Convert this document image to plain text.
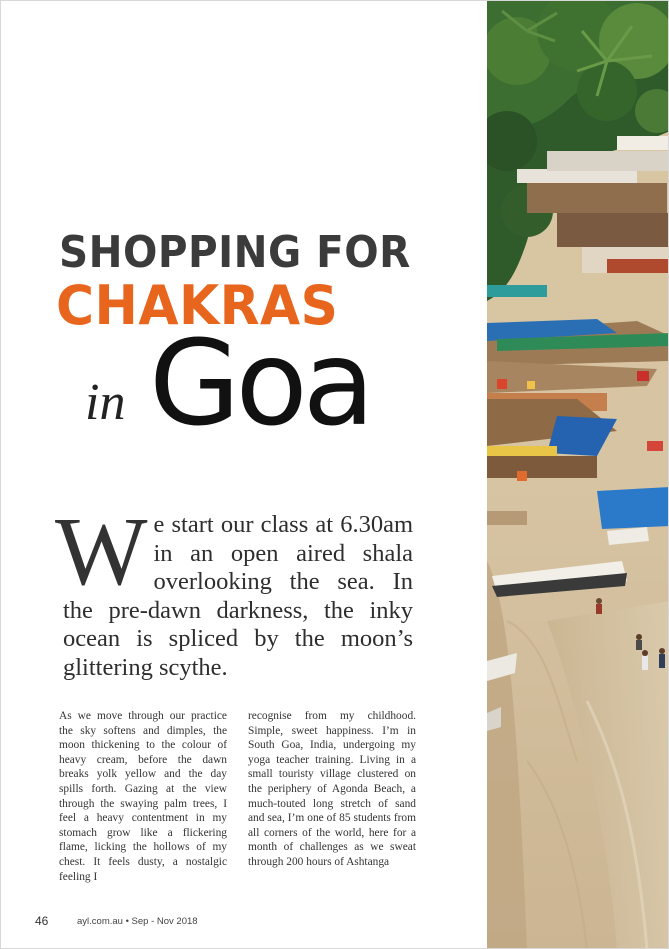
SHOPPING FOR
CHAKRAS
Goa
in
We start our class at 6.30am in an open aired shala overlooking the sea. In the pre-dawn darkness, the inky ocean is spliced by the moon’s glittering scythe.
As we move through our practice the sky softens and dimples, the moon thickening to the colour of heavy cream, before the dawn breaks yolk yellow and the day spills forth. Gazing at the view through the swaying palm trees, I feel a heavy contentment in my stomach grow like a flickering flame, licking the hollows of my chest. It feels dusty, a nostalgic feeling I
recognise from my childhood. Simple, sweet happiness. I’m in South Goa, India, undergoing my yoga teacher training. Living in a small touristy village clustered on the periphery of Agonda Beach, a much-touted long stretch of sand and sea, I’m one of 85 students from all corners of the world, here for a month of challenges as we sweat through 200 hours of Ashtanga
46	ayl.com.au • Sep - Nov 2018
